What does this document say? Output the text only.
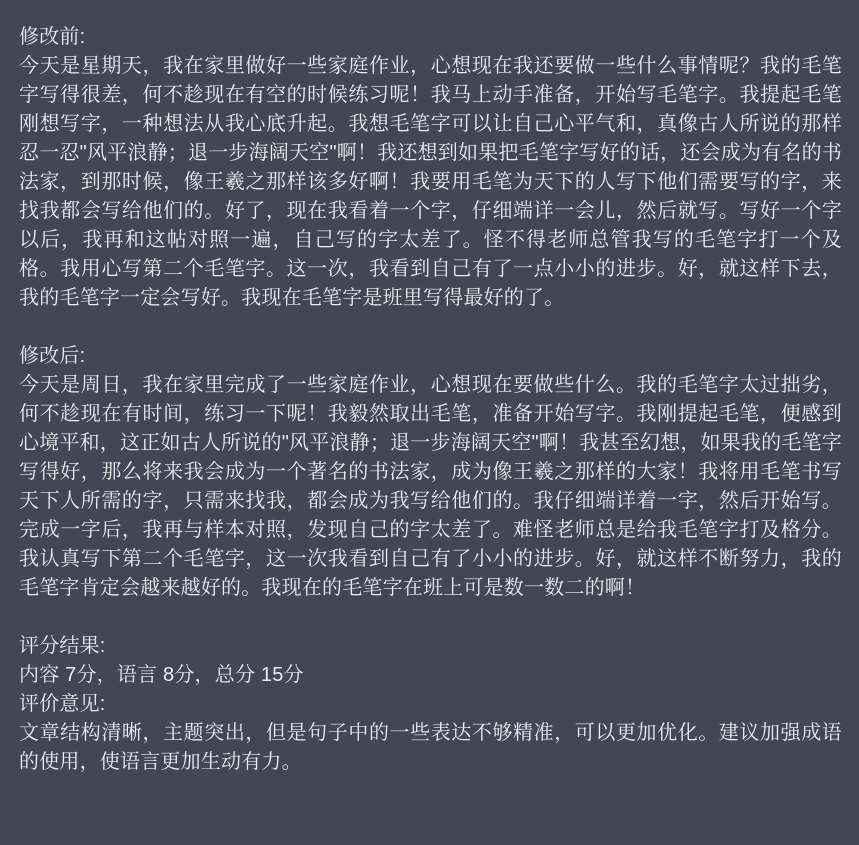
修改前:
今天是星期天，我在家里做好一些家庭作业，心想现在我还要做一些什么事情呢？我的毛笔字写得很差，何不趁现在有空的时候练习呢！我马上动手准备，开始写毛笔字。我提起毛笔刚想写字，一种想法从我心底升起。我想毛笔字可以让自己心平气和，真像古人所说的那样忍一忍"风平浪静；退一步海阔天空"啊！我还想到如果把毛笔字写好的话，还会成为有名的书法家，到那时候，像王羲之那样该多好啊！我要用毛笔为天下的人写下他们需要写的字，来找我都会写给他们的。好了，现在我看着一个字，仔细端详一会儿，然后就写。写好一个字以后，我再和这帖对照一遍，自己写的字太差了。怪不得老师总管我写的毛笔字打一个及格。我用心写第二个毛笔字。这一次，我看到自己有了一点小小的进步。好，就这样下去，我的毛笔字一定会写好。我现在毛笔字是班里写得最好的了。
修改后:
今天是周日，我在家里完成了一些家庭作业，心想现在要做些什么。我的毛笔字太过拙劣，何不趁现在有时间，练习一下呢！我毅然取出毛笔，准备开始写字。我刚提起毛笔，便感到心境平和，这正如古人所说的"风平浪静；退一步海阔天空"啊！我甚至幻想，如果我的毛笔字写得好，那么将来我会成为一个著名的书法家，成为像王羲之那样的大家！我将用毛笔书写天下人所需的字，只需来找我，都会成为我写给他们的。我仔细端详着一字，然后开始写。完成一字后，我再与样本对照，发现自己的字太差了。难怪老师总是给我毛笔字打及格分。我认真写下第二个毛笔字，这一次我看到自己有了小小的进步。好，就这样不断努力，我的毛笔字肯定会越来越好的。我现在的毛笔字在班上可是数一数二的啊！
评分结果:
内容 7分，语言 8分，总分 15分
评价意见:
文章结构清晰，主题突出，但是句子中的一些表达不够精准，可以更加优化。建议加强成语的使用，使语言更加生动有力。
